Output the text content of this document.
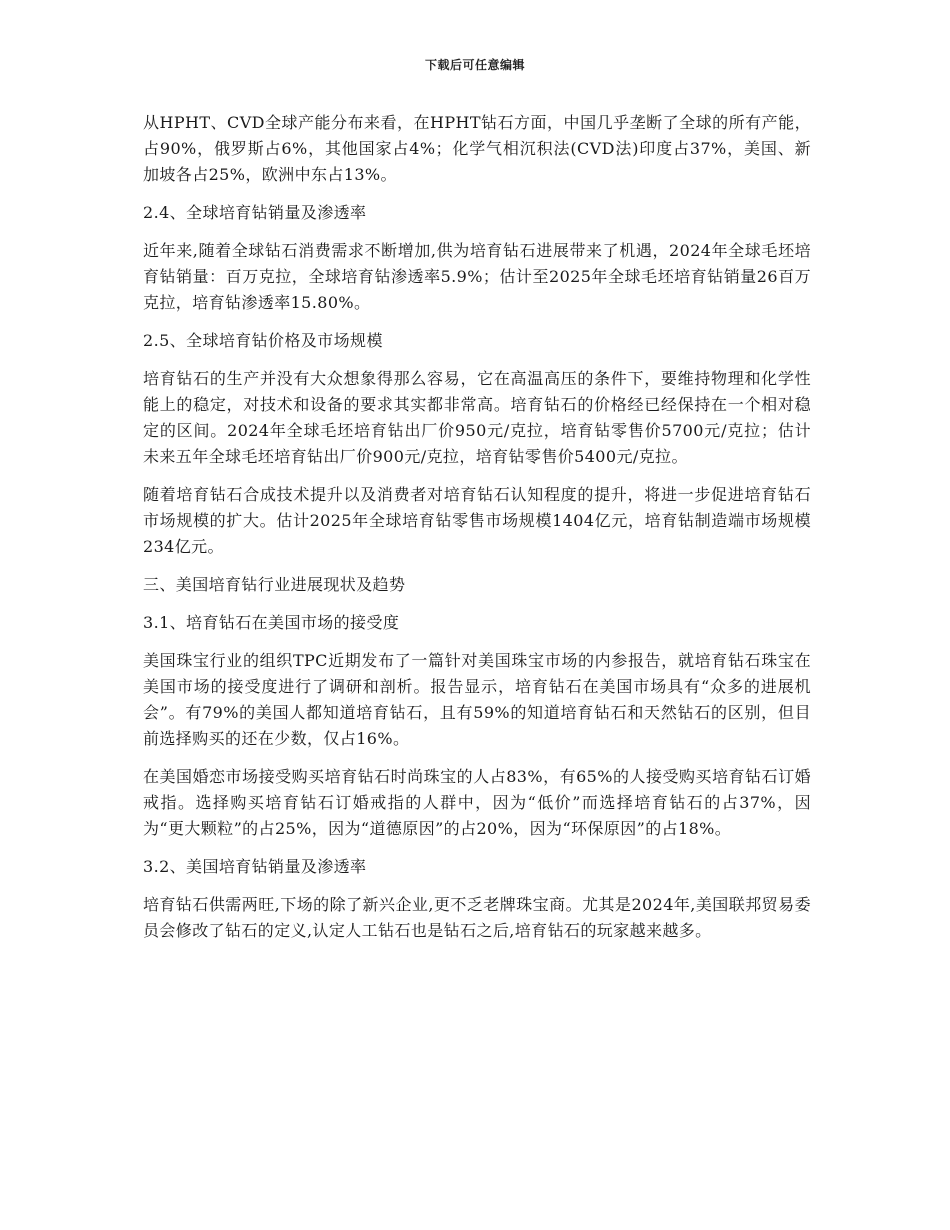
下载后可任意编辑

从HPHT、CVD全球产能分布来看，在HPHT钻石方面，中国几乎垄断了全球的所有产能，占90%，俄罗斯占6%，其他国家占4%；化学气相沉积法(CVD法)印度占37%，美国、新加坡各占25%，欧洲中东占13%。

2.4、全球培育钻销量及渗透率

近年来,随着全球钻石消费需求不断增加,供为培育钻石进展带来了机遇，2024年全球毛坯培育钻销量：百万克拉，全球培育钻渗透率5.9%；估计至2025年全球毛坯培育钻销量26百万克拉，培育钻渗透率15.80%。

2.5、全球培育钻价格及市场规模

培育钻石的生产并没有大众想象得那么容易，它在高温高压的条件下，要维持物理和化学性能上的稳定，对技术和设备的要求其实都非常高。培育钻石的价格经已经保持在一个相对稳定的区间。2024年全球毛坯培育钻出厂价950元/克拉，培育钻零售价5700元/克拉；估计未来五年全球毛坯培育钻出厂价900元/克拉，培育钻零售价5400元/克拉。

随着培育钻石合成技术提升以及消费者对培育钻石认知程度的提升，将进一步促进培育钻石市场规模的扩大。估计2025年全球培育钻零售市场规模1404亿元，培育钻制造端市场规模234亿元。

三、美国培育钻行业进展现状及趋势

3.1、培育钻石在美国市场的接受度

美国珠宝行业的组织TPC近期发布了一篇针对美国珠宝市场的内参报告，就培育钻石珠宝在美国市场的接受度进行了调研和剖析。报告显示，培育钻石在美国市场具有“众多的进展机会”。有79%的美国人都知道培育钻石，且有59%的知道培育钻石和天然钻石的区别，但目前选择购买的还在少数，仅占16%。

在美国婚恋市场接受购买培育钻石时尚珠宝的人占83%，有65%的人接受购买培育钻石订婚戒指。选择购买培育钻石订婚戒指的人群中，因为“低价”而选择培育钻石的占37%，因为“更大颗粒”的占25%，因为“道德原因”的占20%，因为“环保原因”的占18%。

3.2、美国培育钻销量及渗透率

培育钻石供需两旺,下场的除了新兴企业,更不乏老牌珠宝商。尤其是2024年,美国联邦贸易委员会修改了钻石的定义,认定人工钻石也是钻石之后,培育钻石的玩家越来越多。
